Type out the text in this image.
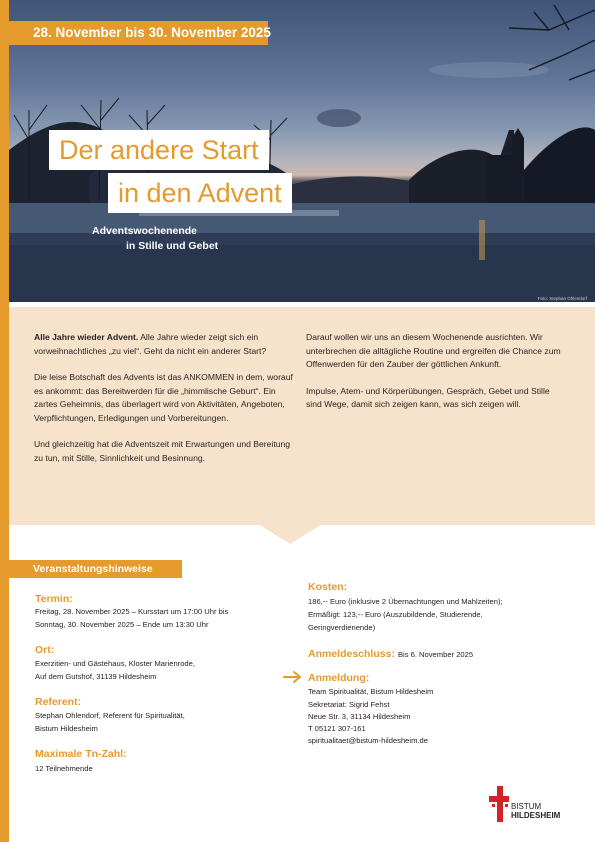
28. November bis 30. November 2025
Der andere Start
in den Advent
Adventswochenende
in Stille und Gebet
Foto: Stephan Ohlendorf

Alle Jahre wieder Advent. Alle Jahre wieder zeigt sich ein vorweihnachtliches „zu viel“. Geht da nicht ein anderer Start?

Die leise Botschaft des Advents ist das ANKOMMEN in dem, worauf es ankommt: das Bereitwerden für die „himmlische Geburt“. Ein zartes Geheimnis, das überlagert wird von Aktivitäten, Angeboten, Verpflichtungen, Erledigungen und Vorbereitungen.

Und gleichzeitig hat die Adventszeit mit Erwartungen und Bereitung zu tun, mit Stille, Sinnlichkeit und Besinnung.

Darauf wollen wir uns an diesem Wochenende ausrichten. Wir unterbrechen die alltägliche Routine und ergreifen die Chance zum Offenwerden für den Zauber der göttlichen Ankunft.

Impulse, Atem- und Körperübungen, Gespräch, Gebet und Stille sind Wege, damit sich zeigen kann, was sich zeigen will.

Veranstaltungshinweise
Termin:
Freitag, 28. November 2025 – Kursstart um 17:00 Uhr bis
Sonntag, 30. November 2025 – Ende um 13:30 Uhr
Ort:
Exerzitien- und Gästehaus, Kloster Marienrode,
Auf dem Gutshof, 31139 Hildesheim
Referent:
Stephan Ohlendorf, Referent für Spiritualität,
Bistum Hildesheim
Maximale Tn-Zahl:
12 Teilnehmende
Kosten:
186,-- Euro (inklusive 2 Übernachtungen und Mahlzeiten);
Ermäßigt: 123,-- Euro (Auszubildende, Studierende,
Geringverdienende)
Anmeldeschluss: Bis 6. November 2025
Anmeldung:
Team Spiritualität, Bistum Hildesheim
Sekretariat: Sigrid Fehst
Neue Str. 3, 31134 Hildesheim
T 05121 307-161
spiritualitaet@bistum-hildesheim.de
BISTUM
HILDESHEIM
